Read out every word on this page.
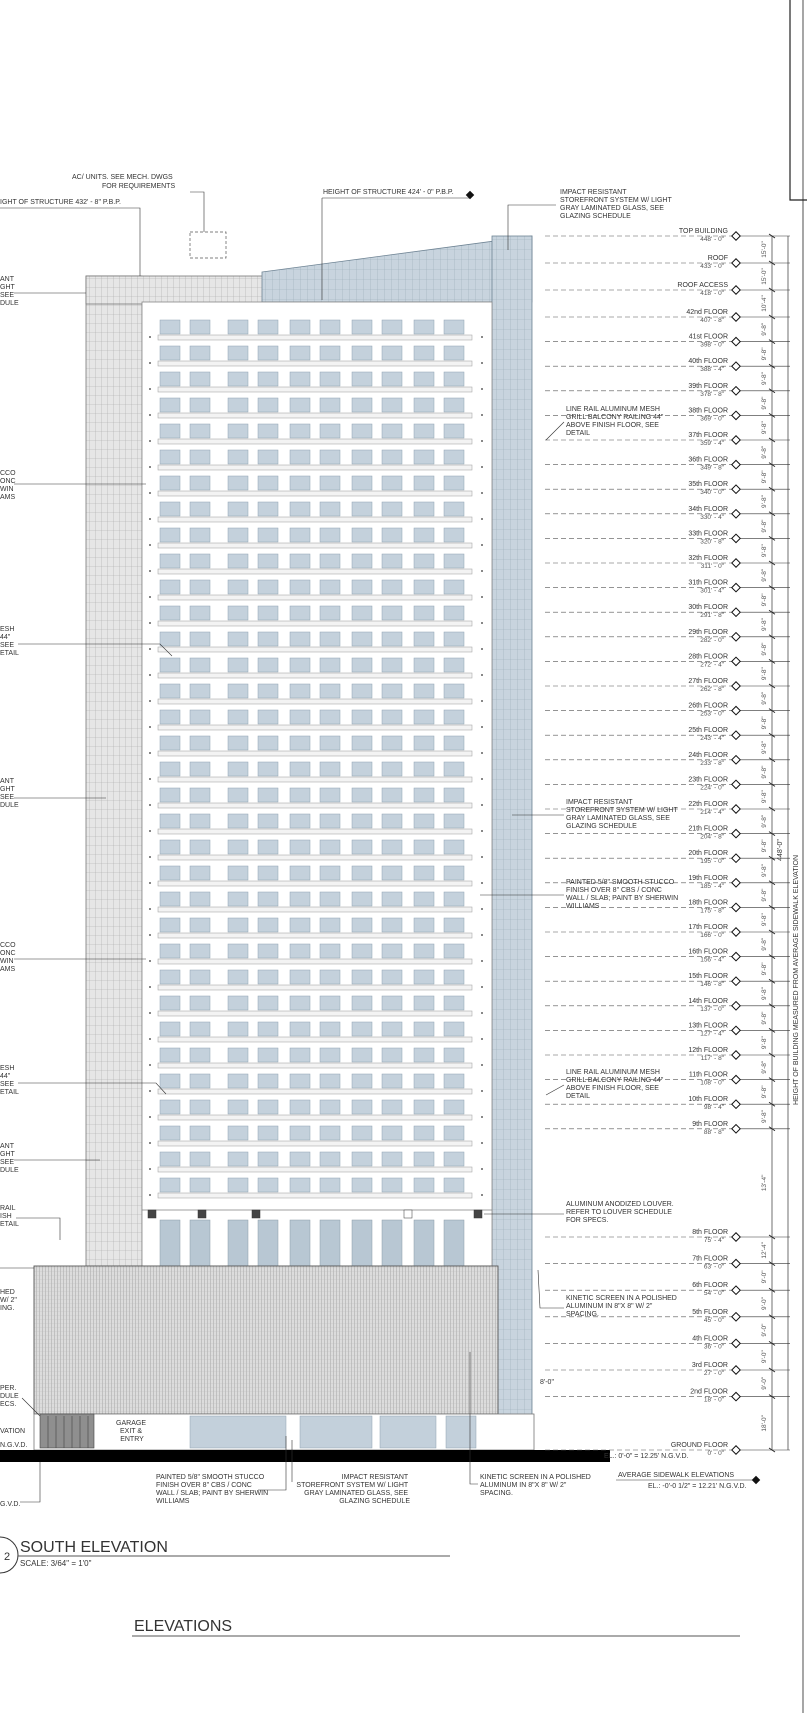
TOP BUILDING
448' - 0"
15'-0"
ROOF
433' - 0"
15'-0"
ROOF ACCESS
418' - 0"
10'-4"
42nd FLOOR
407' - 8"
9'-8"
41st FLOOR
398' - 0"
9'-8"
40th FLOOR
388' - 4"
9'-8"
39th FLOOR
378' - 8"
9'-8"
38th FLOOR
369' - 0"
9'-8"
37th FLOOR
359' - 4"
9'-8"
36th FLOOR
349' - 8"
9'-8"
35th FLOOR
340' - 0"
9'-8"
34th FLOOR
330' - 4"
9'-8"
33th FLOOR
320' - 8"
9'-8"
32th FLOOR
311' - 0"
9'-8"
31th FLOOR
301' - 4"
9'-8"
30th FLOOR
291' - 8"
9'-8"
29th FLOOR
282' - 0"
9'-8"
28th FLOOR
272' - 4"
9'-8"
27th FLOOR
262' - 8"
9'-8"
26th FLOOR
253' - 0"
9'-8"
25th FLOOR
243' - 4"
9'-8"
24th FLOOR
233' - 8"
9'-8"
23th FLOOR
224' - 0"
9'-8"
22th FLOOR
214' - 4"
9'-8"
21th FLOOR
204' - 8"
9'-8"
20th FLOOR
195' - 0"
9'-8"
19th FLOOR
185' - 4"
9'-8"
18th FLOOR
175' - 8"
9'-8"
17th FLOOR
166' - 0"
9'-8"
16th FLOOR
156' - 4"
9'-8"
15th FLOOR
146' - 8"
9'-8"
14th FLOOR
137' - 0"
9'-8"
13th FLOOR
127' - 4"
9'-8"
12th FLOOR
117' - 8"
9'-8"
11th FLOOR
108' - 0"
9'-8"
10th FLOOR
98' - 4"
9'-8"
9th FLOOR
88' - 8"
13'-4"
8th FLOOR
75' - 4"
12'-4"
7th FLOOR
63' - 0"
9'-0"
6th FLOOR
54' - 0"
9'-0"
5th FLOOR
45' - 0"
9'-0"
4th FLOOR
36' - 0"
9'-0"
3rd FLOOR
27' - 0"
9'-0"
2nd FLOOR
18' - 0"
18'-0"
GROUND FLOOR
0' - 0"
HEIGHT OF BUILDING MEASURED FROM AVERAGE SIDEWALK ELEVATION
448'-0"
AC/ UNITS. SEE MECH. DWGS FOR REQUIREMENTS
IGHT OF STRUCTURE 432' - 8" P.B.P.
HEIGHT OF STRUCTURE 424' - 0" P.B.P.	IMPACT RESISTANT STOREFRONT SYSTEM W/ LIGHT GRAY LAMINATED GLASS, SEE GLAZING SCHEDULE
LINE RAIL ALUMINUM MESH GRILL BALCONY RAILING 44" ABOVE FINISH FLOOR, SEE DETAIL
IMPACT RESISTANT STOREFRONT SYSTEM W/ LIGHT GRAY LAMINATED GLASS, SEE GLAZING SCHEDULE
PAINTED 5/8" SMOOTH STUCCO FINISH OVER 8" CBS / CONC WALL / SLAB; PAINT BY SHERWIN WILLIAMS
LINE RAIL ALUMINUM MESH GRILL BALCONY RAILING 44" ABOVE FINISH FLOOR, SEE DETAIL
ALUMINUM ANODIZED LOUVER. REFER TO LOUVER SCHEDULE FOR SPECS.
KINETIC SCREEN IN A POLISHED ALUMINUM IN 8"X 8" W/ 2" SPACING.
8'-0"
ANT GHT SEE DULE
CCO ONC WIN AMS
ESH 44" SEE ETAIL
ANT GHT SEE DULE
CCO ONC WIN AMS
ESH 44" SEE ETAIL
ANT GHT SEE DULE
RAIL ISH ETAIL
HED W/ 2" ING.
PER. DULE ECS.
VATION
N.G.V.D.
G.V.D.
GARAGE EXIT & ENTRY
PAINTED 5/8" SMOOTH STUCCO FINISH OVER 8" CBS / CONC WALL / SLAB; PAINT BY SHERWIN WILLIAMS
IMPACT RESISTANT STOREFRONT SYSTEM W/ LIGHT GRAY LAMINATED GLASS, SEE GLAZING SCHEDULE
KINETIC SCREEN IN A POLISHED ALUMINUM IN 8"X 8" W/ 2" SPACING.
EL.: 0'-0" = 12.25' N.G.V.D.
AVERAGE SIDEWALK ELEVATIONS
EL.: -0'-0 1/2" = 12.21' N.G.V.D.
2
SOUTH ELEVATION
SCALE: 3/64" = 1'0"
ELEVATIONS
